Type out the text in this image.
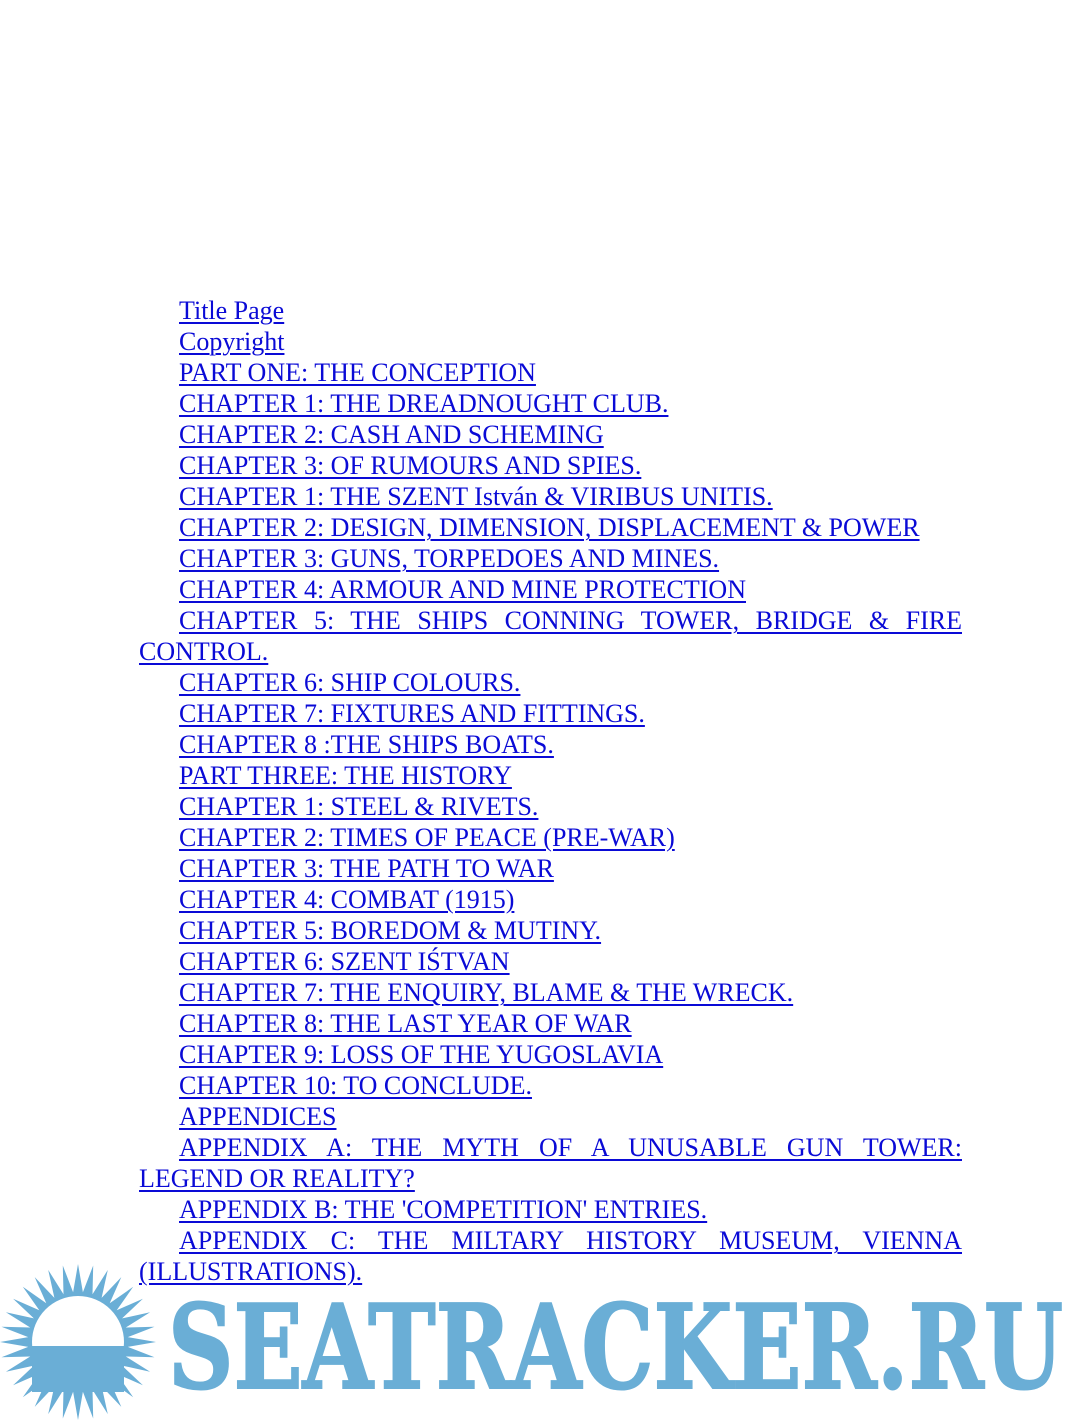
Title Page
Copyright
PART ONE: THE CONCEPTION
CHAPTER 1: THE DREADNOUGHT CLUB.
CHAPTER 2: CASH AND SCHEMING
CHAPTER 3: OF RUMOURS AND SPIES.
CHAPTER 1: THE SZENT István & VIRIBUS UNITIS.
CHAPTER 2: DESIGN, DIMENSION, DISPLACEMENT & POWER
CHAPTER 3: GUNS, TORPEDOES AND MINES.
CHAPTER 4: ARMOUR AND MINE PROTECTION
CHAPTER 5: THE SHIPS CONNING TOWER, BRIDGE & FIRE CONTROL.
CHAPTER 6: SHIP COLOURS.
CHAPTER 7: FIXTURES AND FITTINGS.
CHAPTER 8 :THE SHIPS BOATS.
PART THREE: THE HISTORY
CHAPTER 1: STEEL & RIVETS.
CHAPTER 2: TIMES OF PEACE (PRE-WAR)
CHAPTER 3: THE PATH TO WAR
CHAPTER 4: COMBAT (1915)
CHAPTER 5: BOREDOM & MUTINY.
CHAPTER 6: SZENT IŚTVAN
CHAPTER 7: THE ENQUIRY, BLAME & THE WRECK.
CHAPTER 8: THE LAST YEAR OF WAR
CHAPTER 9: LOSS OF THE YUGOSLAVIA
CHAPTER 10: TO CONCLUDE.
APPENDICES
APPENDIX A: THE MYTH OF A UNUSABLE GUN TOWER: LEGEND OR REALITY?
APPENDIX B: THE 'COMPETITION' ENTRIES.
APPENDIX C: THE MILTARY HISTORY MUSEUM, VIENNA (ILLUSTRATIONS).
SEATRACKER.RU
